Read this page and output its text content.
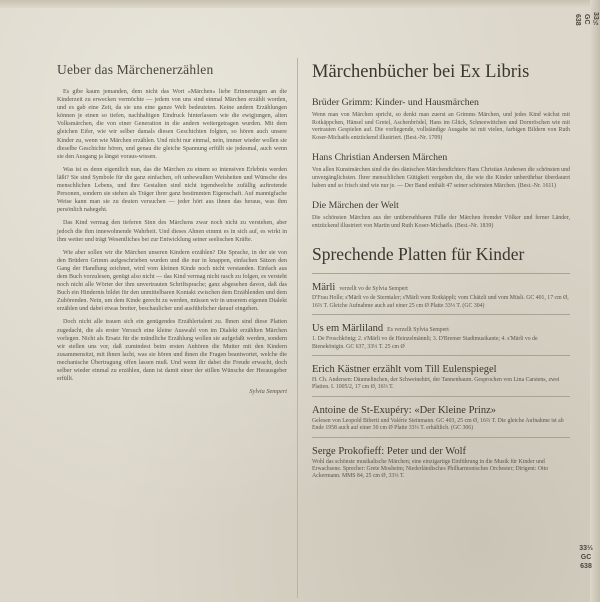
33⅓
GC
638
Ueber das Märchenerzählen

Es gibe kaum jemanden, dem nicht das Wort «Märchen» liebe Erinnerungen an die Kinderzeit zu erwecken vermöchte — jedem von uns sind einmal Märchen erzählt worden, und es gab eine Zeit, da sie uns eine ganze Welt bedeuteten. Keine andern Erzählungen können je einen so tiefen, nachhaltigen Eindruck hinterlassen wie die ewigjungen, alten Volksmärchen, die von einer Generation in die andern weitergetragen wurden. Mit dem gleichen Eifer, wie wir selber damals diesen Geschichten folgten, so hören auch unsere Kinder zu, wenn wie Märchen erzählen. Und nicht nur einmal, nein, immer wieder wollen sie dieselbe Geschichte hören, und genau die gleiche Spannung erfüllt sie jedesmal, auch wenn sie den Ausgang ja längst voraus-wissen.

Was ist es denn eigentlich nun, das die Märchen zu einem so intensiven Erlebnis werden läßt? Sie sind Symbole für die ganz einfachen, oft unbewußten Weisheiten und Wünsche des menschlichen Lebens, und ihre Gestalten sind nicht irgendwelche zufällig auftretende Personen, sondern sie stehen als Träger ihrer ganz bestimmten Eigenschaft. Auf mannigfache Weise kann man sie zu deuten versuchen — jeder hört aus ihnen das heraus, was ihm persönlich nahegeht.

Das Kind vermag den tieferen Sinn des Märchens zwar noch nicht zu verstehen, aber jedoch die ihm innewohnende Wahrheit. Und dieses Ahnen eimmt es in sich auf, es wirkt in ihm weiter und trägt Wesentliches bei zur Entwicklung seiner seelischen Kräfte.

Wie aber sollen wir die Märchen unseren Kindern erzählen? Die Sprache, in der sie von den Brüdern Grimm aufgeschrieben wurden und die nur in knappen, einfachen Sätzen den Gang der Handlung zeichnet, wird vom kleinen Kinde noch nicht verstanden. Einfach aus dem Buch vorzulesen, genügt also nicht — das Kind vermag nicht rasch zu folgen, es versteht noch nicht alle Wörter der ihm unvertrauten Schriftsprache; ganz abgesehen davon, daß das Buch ein Hindernis bildet für den unmittelbaren Kontakt zwischen dem Erzählenden und dem Zuhörenden. Nein, um dem Kinde gerecht zu werden, müssen wir in unserem eigenen Dialekt erzählen und dabei etwas breiter, beschaulicher und ausführlicher darauf eingehen.

Doch nicht alle trauen sich ein genügendes Erzählertalent zu. Ihnen sind diese Platten zugedacht, die als erster Versuch eine kleine Auswahl von im Dialekt erzählten Märchen vorlegen. Nicht als Ersatz für die mündliche Erzählung wollen sie aufgefaßt werden, sondern wir stellen uns vor, daß zumindest beim ersten Anhören die Mutter mit den Kindern zusammensitzt, mit ihnen lacht, was sie hören und ihnen die Fragen beantwortet, welche die mechanische Übertragung offen lassen muß. Und wenn ihr dabei die Freude erwacht, doch selber wieder einmal zu erzählen, dann ist damit einer der stillen Wünsche der Herausgeber erfüllt.

Sylvia Sempert
Märchenbücher bei Ex Libris
Brüder Grimm: Kinder- und Hausmärchen

Wenn man von Märchen spricht, so denkt man zuerst an Grimms Märchen, und jedes Kind wächst mit Rotkäppchen, Hänsel und Gretel, Aschenbrödel, Hans im Glück, Schneewittchen und Dornröschen wie mit vertrauten Gespielen auf. Die vorliegende, vollständige Ausgabe ist mit vielen, farbigen Bildern von Ruth Koser-Michaëls entzückend illustriert. (Best.-Nr. 1709)

Hans Christian Andersen Märchen

Von allen Kunstmärchen sind die des dänischen Märchendichters Hans Christian Andersen die schönsten und unvergänglichsten. Ihrer menschlichen Gütigkeit vergehen die, die wie die Kinder unberührbar überdauert haben und so frisch sind wie nur je. — Der Band enthält 47 seiner schönsten Märchen. (Best.-Nr. 1611)

Die Märchen der Welt

Die schönsten Märchen aus der unübersehbaren Fülle der Märchen fremder Völker und ferner Länder, entzückend illustriert von Martin und Ruth Koser-Michaëls. (Best.-Nr. 1839)

Sprechende Platten für Kinder
Märli verzellt vo de Sylvia Sempert

D'Frau Holle; s'Märli vo de Sterntaler; s'Märli vom Rotkäppli; vom Chätzli und vom Müsli. GC 401, 17 cm Ø, 16⅔ T. Gleiche Aufnahme auch auf einer 25 cm Ø Platte 33⅓ T. (GC 304)

Us em Märliland Es verzellt Sylvia Sempert

1. De Froschkönig; 2. s'Märli vo de Heinzelmännli; 3. D'Bremer Stadtmusikante; 4. s'Märli vo de Bienekönigin. GC 637, 33⅓ T. 25 cm Ø

Erich Kästner erzählt vom Till Eulenspiegel

H. Ch. Andersen: Däumelinchen, der Schweinehirt, der Tannenbaum. Gesprochen von Lina Carstens, zwei Platten. I. 1005/2, 17 cm Ø, 16⅔ T.

Antoine de St-Exupéry: «Der Kleine Prinz»

Gelesen von Leopold Biberti und Valérie Steinmann. GC 403, 25 cm Ø, 16⅔ T. Die gleiche Aufnahme ist ab Ende 1958 auch auf einer 30 cm Ø Platte 33⅓ T. erhältlich. (GC 306)

Serge Prokofieff: Peter und der Wolf

Wohl das schönste musikalische Märchen; eine einzigartige Einführung in die Musik für Kinder und Erwachsene. Sprecher: Grete Mosheim; Niederländisches Philharmonisches Orchester; Dirigent: Otto Ackermann. MMS 84, 25 cm Ø, 33⅓ T.

33⅓
GC
638
